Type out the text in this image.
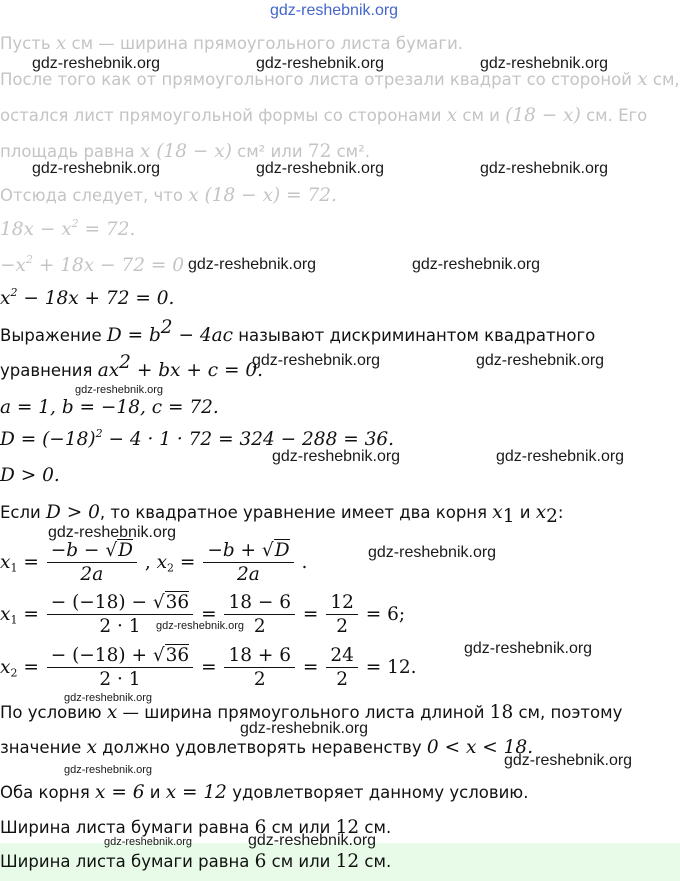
gdz-reshebnik.org
Пусть x см — ширина прямоугольного листа бумаги.
После того как от прямоугольного листа отрезали квадрат со стороной x см,
остался лист прямоугольной формы со сторонами x см и (18 − x) см. Его
площадь равна x (18 − x) см² или 72 см².
Отсюда следует, что x (18 − x) = 72.
$18x - x^2 = 72$.
$-x^2 + 18x - 72 = 0$
$x^2 - 18x + 72 = 0$.
Выражение $D = b^2 - 4ac$ называют дискриминантом квадратного
уравнения $ax^2$ + bx + c = 0.
a = 1, b = −18, c = 72.
$D = (-18)^2 - 4 \cdot 1 \cdot 72 = 324 - 288 = 36$.
D > 0.
Если D > 0, то квадратное уравнение имеет два корня $x_1$ и $x_2$:
$x_1 = \frac{-b - √D}{2a}$ , $x_2 = \frac{-b + √D}{2a}$ .
$x_1 = \frac{- (-18) - √36}{2 \cdot 1} = \frac{18 - 6}{2} = \frac{12}{2} = 6$;
$x_2 = \frac{- (-18) + √36}{2 \cdot 1} = \frac{18 + 6}{2} = \frac{24}{2} = 12$.
По условию x — ширина прямоугольного листа длиной 18 см, поэтому
значение x должно удовлетворять неравенству 0 < x < 18.
Оба корня x = 6 и x = 12 удовлетворяет данному условию.
Ширина листа бумаги равна 6 см или 12 см.
Ширина листа бумаги равна 6 см или 12 см.
gdz-reshebnik.org	gdz-reshebnik.org	gdz-reshebnik.org
gdz-reshebnik.org	gdz-reshebnik.org	gdz-reshebnik.org
gdz-reshebnik.org	gdz-reshebnik.org
gdz-reshebnik.org	gdz-reshebnik.org
gdz-reshebnik.org
gdz-reshebnik.org	gdz-reshebnik.org
gdz-reshebnik.org
gdz-reshebnik.org
gdz-reshebnik.org
gdz-reshebnik.org
gdz-reshebnik.org
gdz-reshebnik.org
gdz-reshebnik.org
gdz-reshebnik.org
gdz-reshebnik.org
gdz-reshebnik.org
